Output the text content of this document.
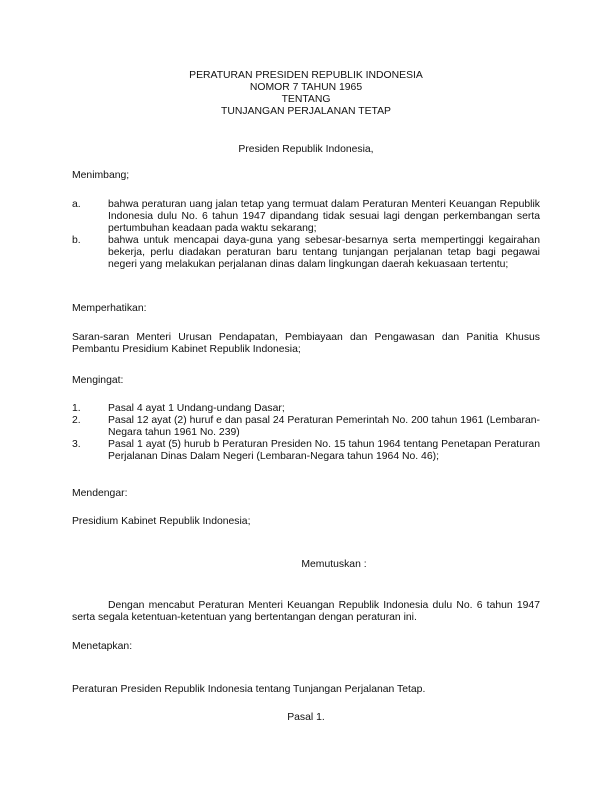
PERATURAN PRESIDEN REPUBLIK INDONESIA
NOMOR 7 TAHUN 1965
TENTANG
TUNJANGAN PERJALANAN TETAP
Presiden Republik Indonesia,
Menimbang;
a.	bahwa peraturan uang jalan tetap yang termuat dalam Peraturan Menteri Keuangan Republik Indonesia dulu No. 6 tahun 1947 dipandang tidak sesuai lagi dengan perkembangan serta pertumbuhan keadaan pada waktu sekarang;
b.	bahwa untuk mencapai daya-guna yang sebesar-besarnya serta mempertinggi kegairahan bekerja, perlu diadakan peraturan baru tentang tunjangan perjalanan tetap bagi pegawai negeri yang melakukan perjalanan dinas dalam lingkungan daerah kekuasaan tertentu;
Memperhatikan:
Saran-saran Menteri Urusan Pendapatan, Pembiayaan dan Pengawasan dan Panitia Khusus Pembantu Presidium Kabinet Republik Indonesia;
Mengingat:
1.	Pasal 4 ayat 1 Undang-undang Dasar;
2.	Pasal 12 ayat (2) huruf e dan pasal 24 Peraturan Pemerintah No. 200 tahun 1961 (Lembaran-Negara tahun 1961 No. 239)
3.	Pasal 1 ayat (5) hurub b Peraturan Presiden No. 15 tahun 1964 tentang Penetapan Peraturan Perjalanan Dinas Dalam Negeri (Lembaran-Negara tahun 1964 No. 46);
Mendengar:
Presidium Kabinet Republik Indonesia;
Memutuskan :
Dengan mencabut Peraturan Menteri Keuangan Republik Indonesia dulu No. 6 tahun 1947 serta segala ketentuan-ketentuan yang bertentangan dengan peraturan ini.
Menetapkan:
Peraturan Presiden Republik Indonesia tentang Tunjangan Perjalanan Tetap.
Pasal 1.
